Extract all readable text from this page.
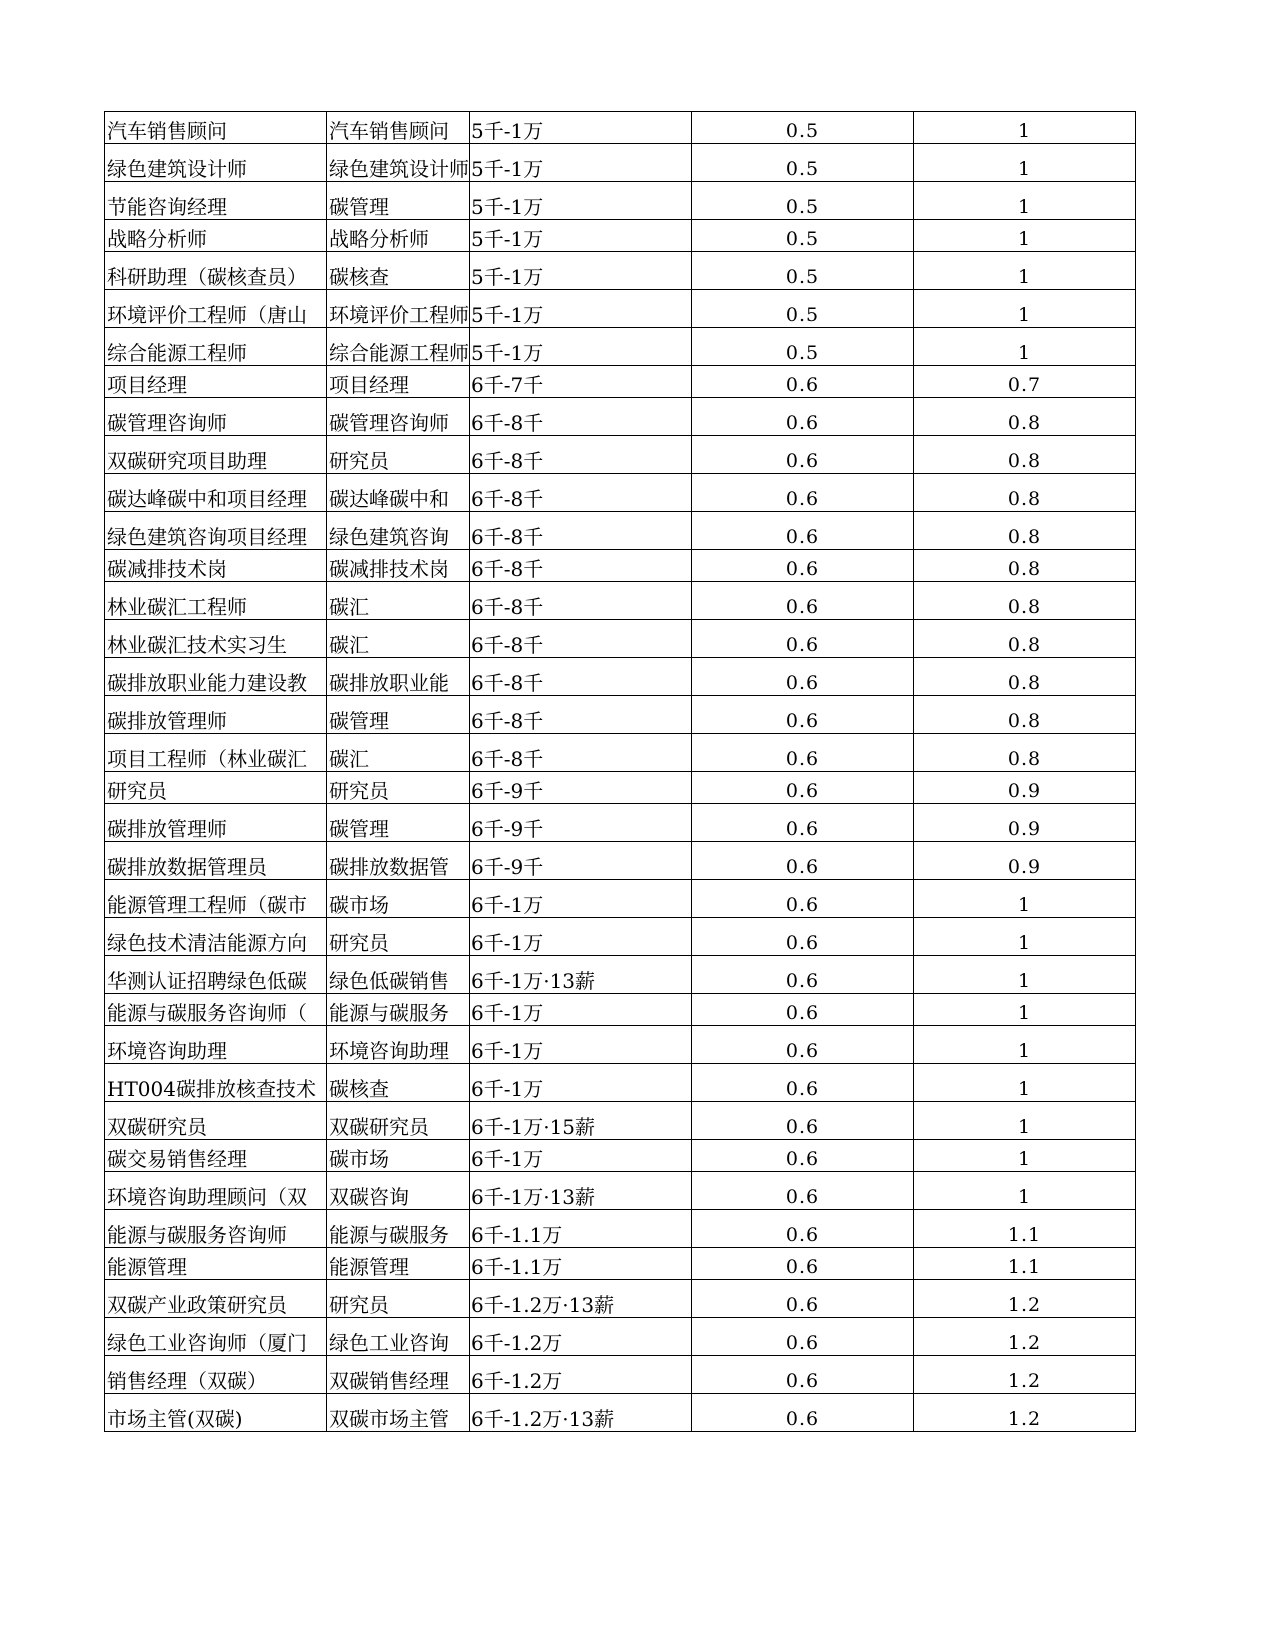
汽车销售顾问	汽车销售顾问	5千-1万	0.5	1
绿色建筑设计师	绿色建筑设计师	5千-1万	0.5	1
节能咨询经理	碳管理	5千-1万	0.5	1
战略分析师	战略分析师	5千-1万	0.5	1
科研助理（碳核查员）	碳核查	5千-1万	0.5	1
环境评价工程师（唐山	环境评价工程师	5千-1万	0.5	1
综合能源工程师	综合能源工程师	5千-1万	0.5	1
项目经理	项目经理	6千-7千	0.6	0.7
碳管理咨询师	碳管理咨询师	6千-8千	0.6	0.8
双碳研究项目助理	研究员	6千-8千	0.6	0.8
碳达峰碳中和项目经理	碳达峰碳中和	6千-8千	0.6	0.8
绿色建筑咨询项目经理	绿色建筑咨询	6千-8千	0.6	0.8
碳减排技术岗	碳减排技术岗	6千-8千	0.6	0.8
林业碳汇工程师	碳汇	6千-8千	0.6	0.8
林业碳汇技术实习生	碳汇	6千-8千	0.6	0.8
碳排放职业能力建设教	碳排放职业能	6千-8千	0.6	0.8
碳排放管理师	碳管理	6千-8千	0.6	0.8
项目工程师（林业碳汇	碳汇	6千-8千	0.6	0.8
研究员	研究员	6千-9千	0.6	0.9
碳排放管理师	碳管理	6千-9千	0.6	0.9
碳排放数据管理员	碳排放数据管	6千-9千	0.6	0.9
能源管理工程师（碳市	碳市场	6千-1万	0.6	1
绿色技术清洁能源方向	研究员	6千-1万	0.6	1
华测认证招聘绿色低碳	绿色低碳销售	6千-1万·13薪	0.6	1
能源与碳服务咨询师（	能源与碳服务	6千-1万	0.6	1
环境咨询助理	环境咨询助理	6千-1万	0.6	1
HT004碳排放核查技术	碳核查	6千-1万	0.6	1
双碳研究员	双碳研究员	6千-1万·15薪	0.6	1
碳交易销售经理	碳市场	6千-1万	0.6	1
环境咨询助理顾问（双	双碳咨询	6千-1万·13薪	0.6	1
能源与碳服务咨询师	能源与碳服务	6千-1.1万	0.6	1.1
能源管理	能源管理	6千-1.1万	0.6	1.1
双碳产业政策研究员	研究员	6千-1.2万·13薪	0.6	1.2
绿色工业咨询师（厦门	绿色工业咨询	6千-1.2万	0.6	1.2
销售经理（双碳）	双碳销售经理	6千-1.2万	0.6	1.2
市场主管(双碳)	双碳市场主管	6千-1.2万·13薪	0.6	1.2
